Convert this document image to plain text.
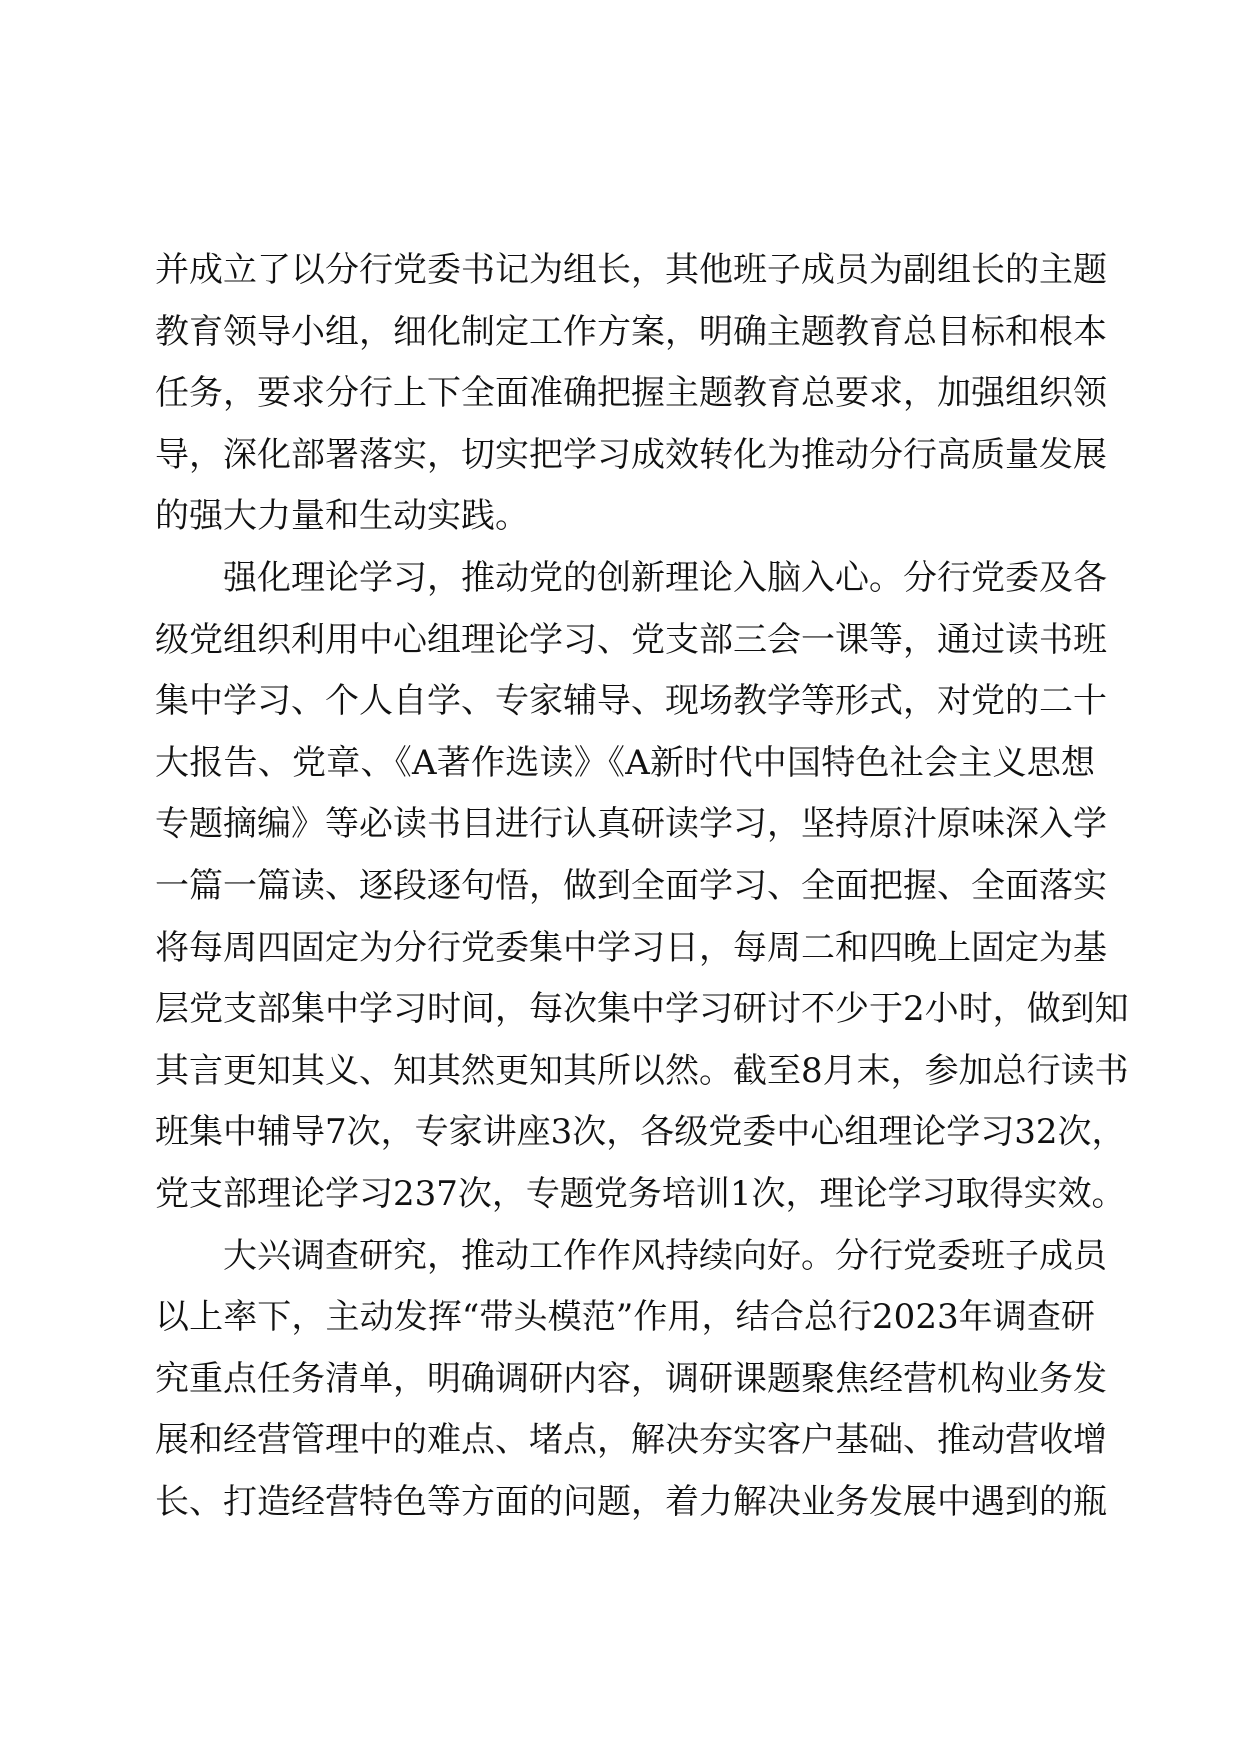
并成立了以分行党委书记为组长，其他班子成员为副组长的主题
教育领导小组，细化制定工作方案，明确主题教育总目标和根本
任务，要求分行上下全面准确把握主题教育总要求，加强组织领
导，深化部署落实，切实把学习成效转化为推动分行高质量发展
的强大力量和生动实践。
强化理论学习，推动党的创新理论入脑入心。分行党委及各
级党组织利用中心组理论学习、党支部三会一课等，通过读书班
集中学习、个人自学、专家辅导、现场教学等形式，对党的二十
大报告、党章、《A著作选读》《A新时代中国特色社会主义思想
专题摘编》等必读书目进行认真研读学习，坚持原汁原味深入学
一篇一篇读、逐段逐句悟，做到全面学习、全面把握、全面落实
将每周四固定为分行党委集中学习日，每周二和四晚上固定为基
层党支部集中学习时间，每次集中学习研讨不少于2小时，做到知
其言更知其义、知其然更知其所以然。截至8月末，参加总行读书
班集中辅导7次，专家讲座3次，各级党委中心组理论学习32次，
党支部理论学习237次，专题党务培训1次，理论学习取得实效。
大兴调查研究，推动工作作风持续向好。分行党委班子成员
以上率下，主动发挥“带头模范”作用，结合总行2023年调查研
究重点任务清单，明确调研内容，调研课题聚焦经营机构业务发
展和经营管理中的难点、堵点，解决夯实客户基础、推动营收增
长、打造经营特色等方面的问题，着力解决业务发展中遇到的瓶
